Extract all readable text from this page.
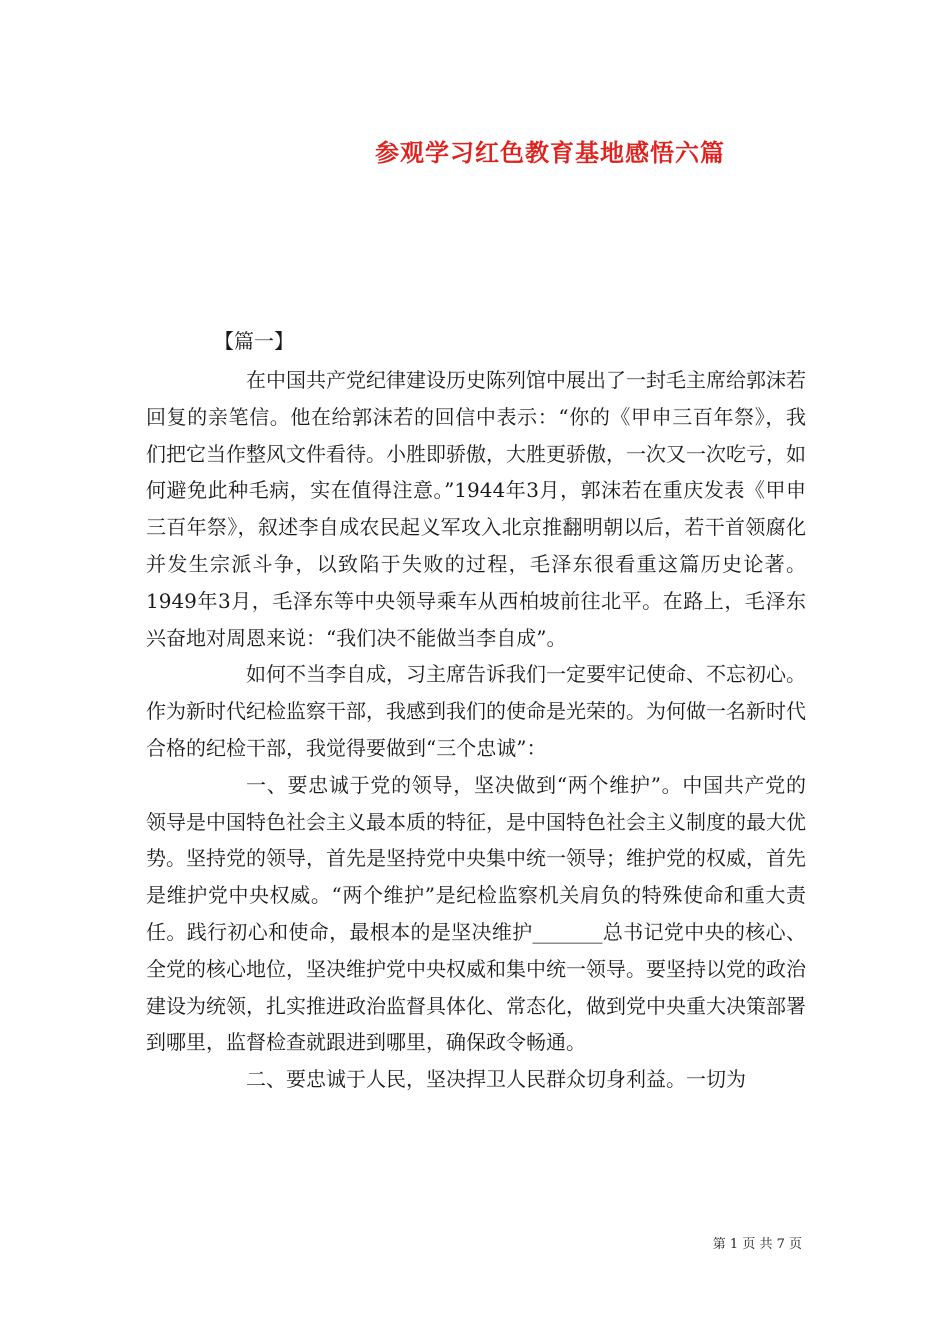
参观学习红色教育基地感悟六篇
【篇一】

在中国共产党纪律建设历史陈列馆中展出了一封毛主席给郭沫若回复的亲笔信。他在给郭沫若的回信中表示：“你的《甲申三百年祭》，我们把它当作整风文件看待。小胜即骄傲，大胜更骄傲，一次又一次吃亏，如何避免此种毛病，实在值得注意。”1944年3月，郭沫若在重庆发表《甲申三百年祭》，叙述李自成农民起义军攻入北京推翻明朝以后，若干首领腐化并发生宗派斗争，以致陷于失败的过程，毛泽东很看重这篇历史论著。1949年3月，毛泽东等中央领导乘车从西柏坡前往北平。在路上，毛泽东兴奋地对周恩来说：“我们决不能做当李自成”。

如何不当李自成，习主席告诉我们一定要牢记使命、不忘初心。作为新时代纪检监察干部，我感到我们的使命是光荣的。为何做一名新时代合格的纪检干部，我觉得要做到“三个忠诚”：

一、要忠诚于党的领导，坚决做到“两个维护”。中国共产党的领导是中国特色社会主义最本质的特征，是中国特色社会主义制度的最大优势。坚持党的领导，首先是坚持党中央集中统一领导；维护党的权威，首先是维护党中央权威。“两个维护”是纪检监察机关肩负的特殊使命和重大责任。践行初心和使命，最根本的是坚决维护_______总书记党中央的核心、全党的核心地位，坚决维护党中央权威和集中统一领导。要坚持以党的政治建设为统领，扎实推进政治监督具体化、常态化，做到党中央重大决策部署到哪里，监督检查就跟进到哪里，确保政令畅通。

二、要忠诚于人民，坚决捍卫人民群众切身利益。一切为

第 1 页 共 7 页
